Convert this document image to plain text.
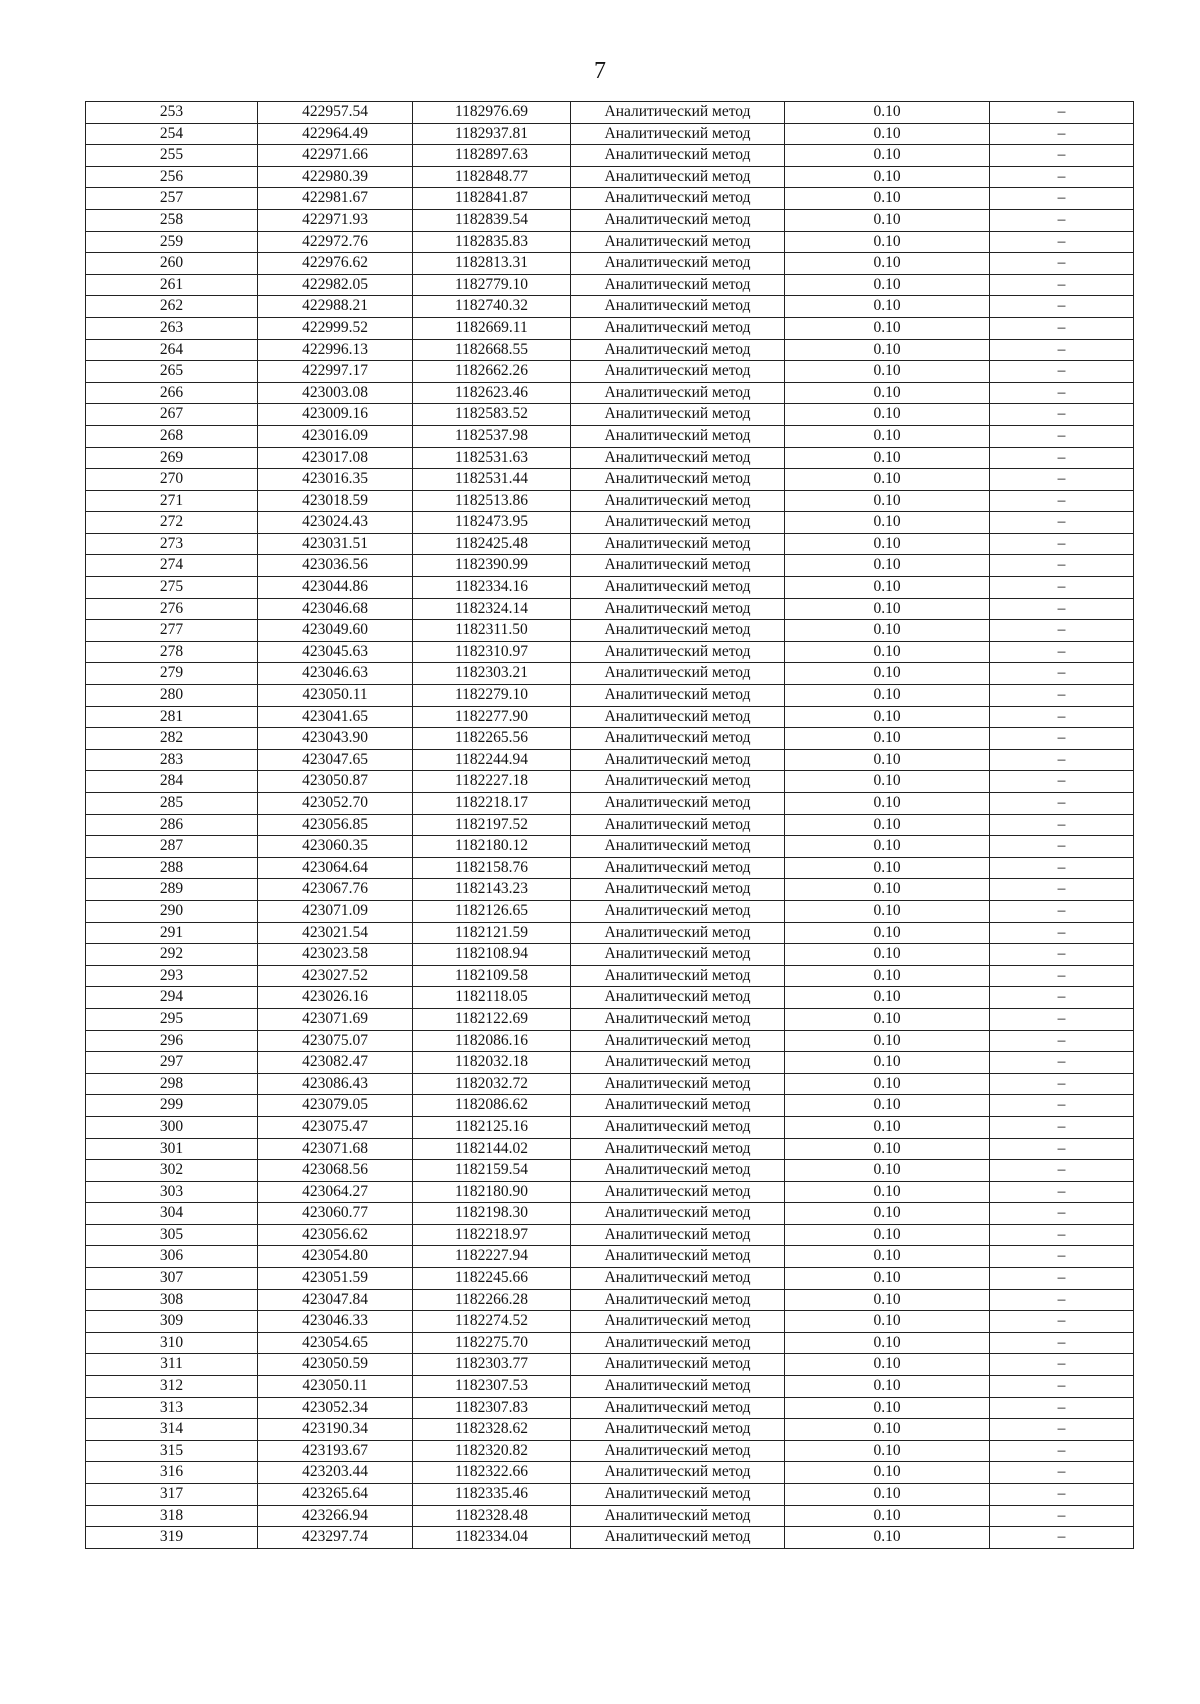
7
253	422957.54	1182976.69	Аналитический метод	0.10	–
254	422964.49	1182937.81	Аналитический метод	0.10	–
255	422971.66	1182897.63	Аналитический метод	0.10	–
256	422980.39	1182848.77	Аналитический метод	0.10	–
257	422981.67	1182841.87	Аналитический метод	0.10	–
258	422971.93	1182839.54	Аналитический метод	0.10	–
259	422972.76	1182835.83	Аналитический метод	0.10	–
260	422976.62	1182813.31	Аналитический метод	0.10	–
261	422982.05	1182779.10	Аналитический метод	0.10	–
262	422988.21	1182740.32	Аналитический метод	0.10	–
263	422999.52	1182669.11	Аналитический метод	0.10	–
264	422996.13	1182668.55	Аналитический метод	0.10	–
265	422997.17	1182662.26	Аналитический метод	0.10	–
266	423003.08	1182623.46	Аналитический метод	0.10	–
267	423009.16	1182583.52	Аналитический метод	0.10	–
268	423016.09	1182537.98	Аналитический метод	0.10	–
269	423017.08	1182531.63	Аналитический метод	0.10	–
270	423016.35	1182531.44	Аналитический метод	0.10	–
271	423018.59	1182513.86	Аналитический метод	0.10	–
272	423024.43	1182473.95	Аналитический метод	0.10	–
273	423031.51	1182425.48	Аналитический метод	0.10	–
274	423036.56	1182390.99	Аналитический метод	0.10	–
275	423044.86	1182334.16	Аналитический метод	0.10	–
276	423046.68	1182324.14	Аналитический метод	0.10	–
277	423049.60	1182311.50	Аналитический метод	0.10	–
278	423045.63	1182310.97	Аналитический метод	0.10	–
279	423046.63	1182303.21	Аналитический метод	0.10	–
280	423050.11	1182279.10	Аналитический метод	0.10	–
281	423041.65	1182277.90	Аналитический метод	0.10	–
282	423043.90	1182265.56	Аналитический метод	0.10	–
283	423047.65	1182244.94	Аналитический метод	0.10	–
284	423050.87	1182227.18	Аналитический метод	0.10	–
285	423052.70	1182218.17	Аналитический метод	0.10	–
286	423056.85	1182197.52	Аналитический метод	0.10	–
287	423060.35	1182180.12	Аналитический метод	0.10	–
288	423064.64	1182158.76	Аналитический метод	0.10	–
289	423067.76	1182143.23	Аналитический метод	0.10	–
290	423071.09	1182126.65	Аналитический метод	0.10	–
291	423021.54	1182121.59	Аналитический метод	0.10	–
292	423023.58	1182108.94	Аналитический метод	0.10	–
293	423027.52	1182109.58	Аналитический метод	0.10	–
294	423026.16	1182118.05	Аналитический метод	0.10	–
295	423071.69	1182122.69	Аналитический метод	0.10	–
296	423075.07	1182086.16	Аналитический метод	0.10	–
297	423082.47	1182032.18	Аналитический метод	0.10	–
298	423086.43	1182032.72	Аналитический метод	0.10	–
299	423079.05	1182086.62	Аналитический метод	0.10	–
300	423075.47	1182125.16	Аналитический метод	0.10	–
301	423071.68	1182144.02	Аналитический метод	0.10	–
302	423068.56	1182159.54	Аналитический метод	0.10	–
303	423064.27	1182180.90	Аналитический метод	0.10	–
304	423060.77	1182198.30	Аналитический метод	0.10	–
305	423056.62	1182218.97	Аналитический метод	0.10	–
306	423054.80	1182227.94	Аналитический метод	0.10	–
307	423051.59	1182245.66	Аналитический метод	0.10	–
308	423047.84	1182266.28	Аналитический метод	0.10	–
309	423046.33	1182274.52	Аналитический метод	0.10	–
310	423054.65	1182275.70	Аналитический метод	0.10	–
311	423050.59	1182303.77	Аналитический метод	0.10	–
312	423050.11	1182307.53	Аналитический метод	0.10	–
313	423052.34	1182307.83	Аналитический метод	0.10	–
314	423190.34	1182328.62	Аналитический метод	0.10	–
315	423193.67	1182320.82	Аналитический метод	0.10	–
316	423203.44	1182322.66	Аналитический метод	0.10	–
317	423265.64	1182335.46	Аналитический метод	0.10	–
318	423266.94	1182328.48	Аналитический метод	0.10	–
319	423297.74	1182334.04	Аналитический метод	0.10	–
